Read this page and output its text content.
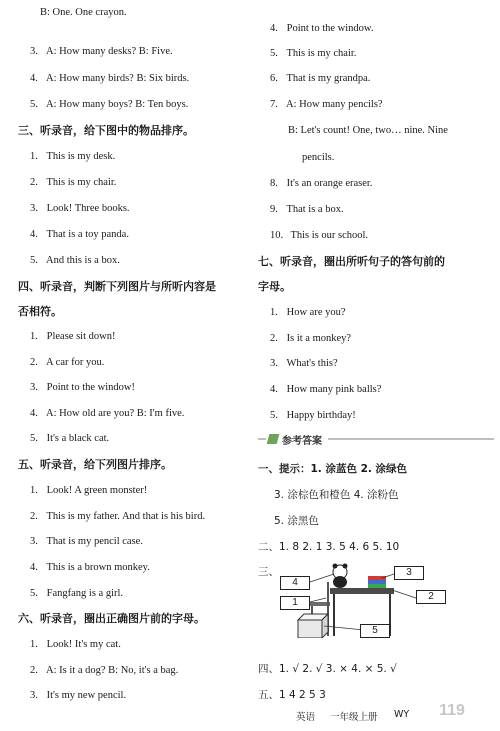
B: One. One crayon.
3. A: How many desks? B: Five.
4. A: How many birds? B: Six birds.
5. A: How many boys? B: Ten boys.
三、听录音，给下图中的物品排序。
1. This is my desk.
2. This is my chair.
3. Look! Three books.
4. That is a toy panda.
5. And this is a box.
四、听录音，判断下列图片与所听内容是
否相符。
1. Please sit down!
2. A car for you.
3. Point to the window!
4. A: How old are you? B: I'm five.
5. It's a black cat.
五、听录音，给下列图片排序。
1. Look! A green monster!
2. This is my father. And that is his bird.
3. That is my pencil case.
4. This is a brown monkey.
5. Fangfang is a girl.
六、听录音，圈出正确图片前的字母。
1. Look! It's my cat.
2. A: Is it a dog? B: No, it's a bag.
3. It's my new pencil.
4. Point to the window.
5. This is my chair.
6. That is my grandpa.
7. A: How many pencils?
B: Let's count! One, two… nine. Nine
pencils.
8. It's an orange eraser.
9. That is a box.
10. This is our school.
七、听录音，圈出所听句子的答句前的
字母。
1. How are you?
2. Is it a monkey?
3. What's this?
4. How many pink balls?
5. Happy birthday!
一、提示：1. 涂蓝色 2. 涂绿色
3. 涂棕色和橙色 4. 涂粉色
5. 涂黑色
二、1. 8 2. 1 3. 5 4. 6 5. 10
三、
四、1. √ 2. √ 3. × 4. × 5. √
五、1 4 2 5 3
参考答案
4
3
1
2
5
英语 一年级上册 WY	119
